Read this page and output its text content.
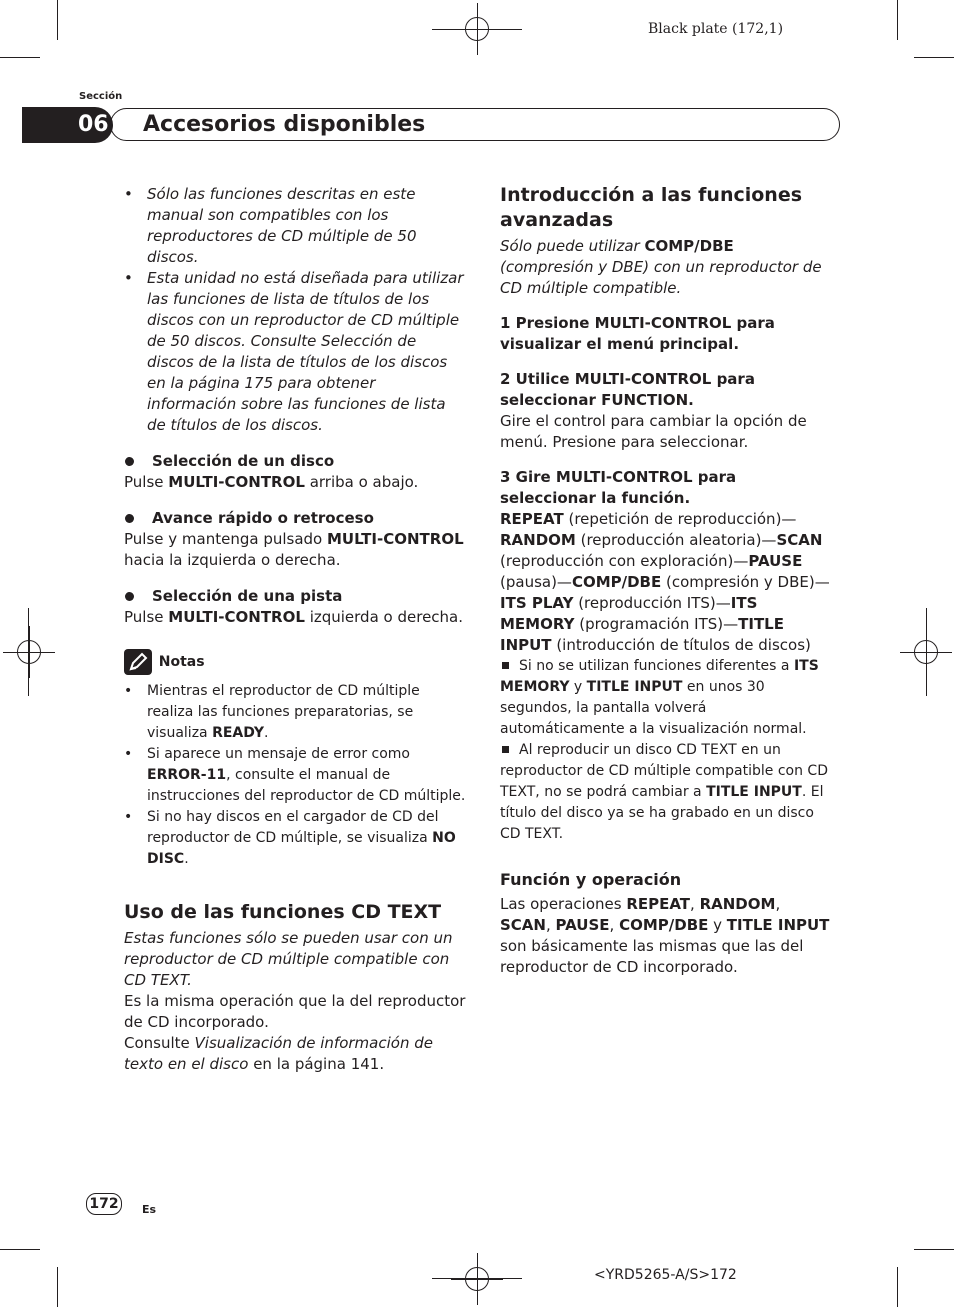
Black plate (172,1)
Sección
06 Accesorios disponibles
• Sólo las funciones descritas en este manual son compatibles con los reproductores de CD múltiple de 50 discos.
• Esta unidad no está diseñada para utilizar las funciones de lista de títulos de los discos con un reproductor de CD múltiple de 50 discos. Consulte Selección de discos de la lista de títulos de los discos en la página 175 para obtener información sobre las funciones de lista de títulos de los discos.
Selección de un disco

Pulse MULTI-CONTROL arriba o abajo.

Avance rápido o retroceso

Pulse y mantenga pulsado MULTI-CONTROL hacia la izquierda o derecha.

Selección de una pista

Pulse MULTI-CONTROL izquierda o derecha.

Notas
• Mientras el reproductor de CD múltiple realiza las funciones preparatorias, se visualiza READY.
• Si aparece un mensaje de error como ERROR-11, consulte el manual de instrucciones del reproductor de CD múltiple.
• Si no hay discos en el cargador de CD del reproductor de CD múltiple, se visualiza NO DISC.
Uso de las funciones CD TEXT

Estas funciones sólo se pueden usar con un reproductor de CD múltiple compatible con CD TEXT.

Es la misma operación que la del reproductor de CD incorporado.

Consulte Visualización de información de texto en el disco en la página 141.

Introducción a las funciones avanzadas

Sólo puede utilizar COMP/DBE (compresión y DBE) con un reproductor de CD múltiple compatible.

1 Presione MULTI-CONTROL para visualizar el menú principal.

2 Utilice MULTI-CONTROL para seleccionar FUNCTION.

Gire el control para cambiar la opción de menú. Presione para seleccionar.

3 Gire MULTI-CONTROL para seleccionar la función.

REPEAT (repetición de reproducción)—RANDOM (reproducción aleatoria)—SCAN (reproducción con exploración)—PAUSE (pausa)—COMP/DBE (compresión y DBE)—ITS PLAY (reproducción ITS)—ITS MEMORY (programación ITS)—TITLE INPUT (introducción de títulos de discos)

Si no se utilizan funciones diferentes a ITS MEMORY y TITLE INPUT en unos 30 segundos, la pantalla volverá automáticamente a la visualización normal.

Al reproducir un disco CD TEXT en un reproductor de CD múltiple compatible con CD TEXT, no se podrá cambiar a TITLE INPUT. El título del disco ya se ha grabado en un disco CD TEXT.

Función y operación

Las operaciones REPEAT, RANDOM, SCAN, PAUSE, COMP/DBE y TITLE INPUT son básicamente las mismas que las del reproductor de CD incorporado.

172	Es
<YRD5265-A/S>172
